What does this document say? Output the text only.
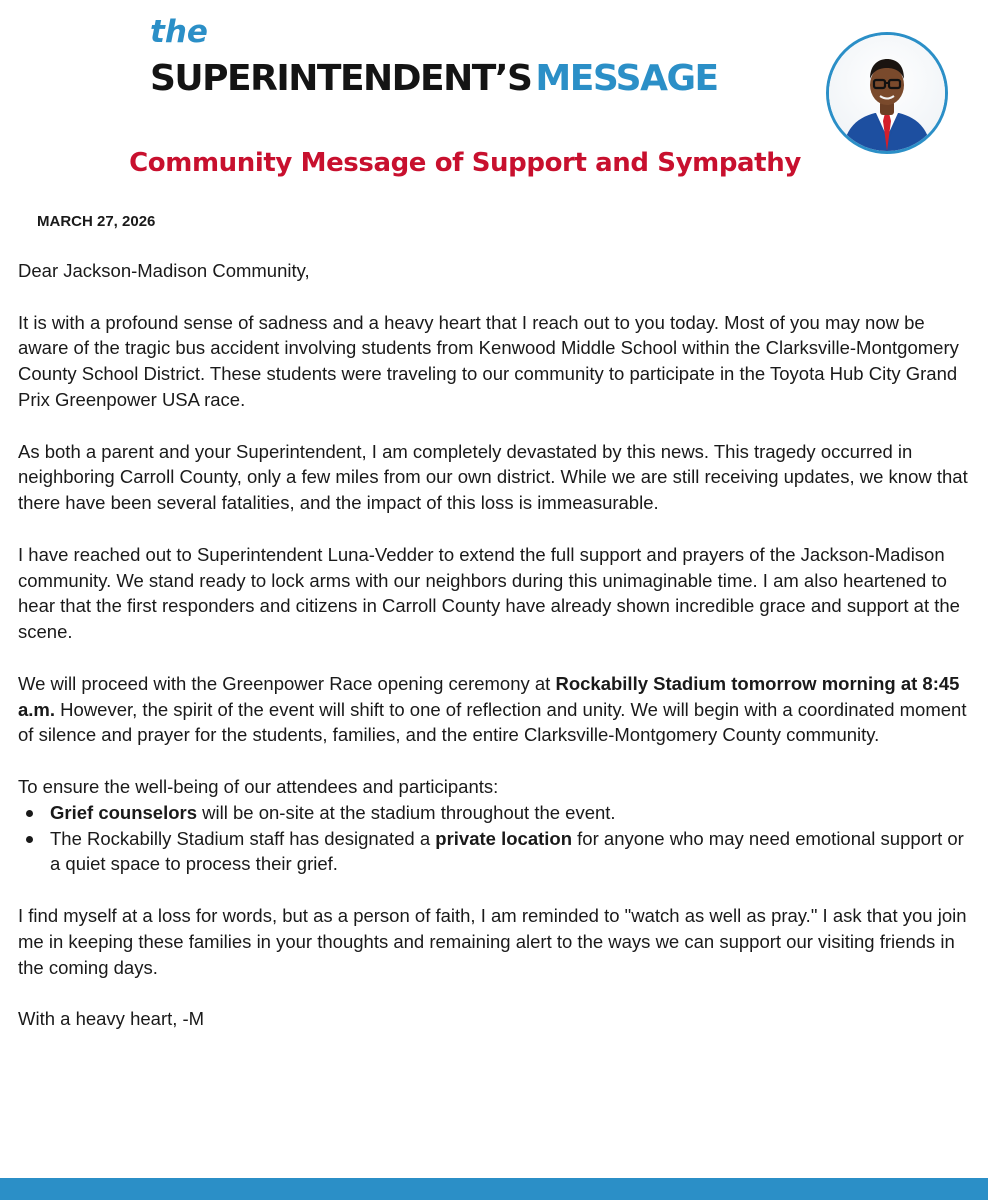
the
SUPERINTENDENT’S MESSAGE
Community Message of Support and Sympathy
MARCH 27, 2026

Dear Jackson-Madison Community,

It is with a profound sense of sadness and a heavy heart that I reach out to you today. Most of you may now be aware of the tragic bus accident involving students from Kenwood Middle School within the Clarksville-Montgomery County School District. These students were traveling to our community to participate in the Toyota Hub City Grand Prix Greenpower USA race.

As both a parent and your Superintendent, I am completely devastated by this news. This tragedy occurred in neighboring Carroll County, only a few miles from our own district. While we are still receiving updates, we know that there have been several fatalities, and the impact of this loss is immeasurable.

I have reached out to Superintendent Luna-Vedder to extend the full support and prayers of the Jackson-Madison community. We stand ready to lock arms with our neighbors during this unimaginable time. I am also heartened to hear that the first responders and citizens in Carroll County have already shown incredible grace and support at the scene.

We will proceed with the Greenpower Race opening ceremony at Rockabilly Stadium tomorrow morning at 8:45 a.m. However, the spirit of the event will shift to one of reflection and unity. We will begin with a coordinated moment of silence and prayer for the students, families, and the entire Clarksville-Montgomery County community.

To ensure the well-being of our attendees and participants:

Grief counselors will be on-site at the stadium throughout the event.
The Rockabilly Stadium staff has designated a private location for anyone who may need emotional support or a quiet space to process their grief.

I find myself at a loss for words, but as a person of faith, I am reminded to "watch as well as pray." I ask that you join me in keeping these families in your thoughts and remaining alert to the ways we can support our visiting friends in the coming days.

With a heavy heart, -M
